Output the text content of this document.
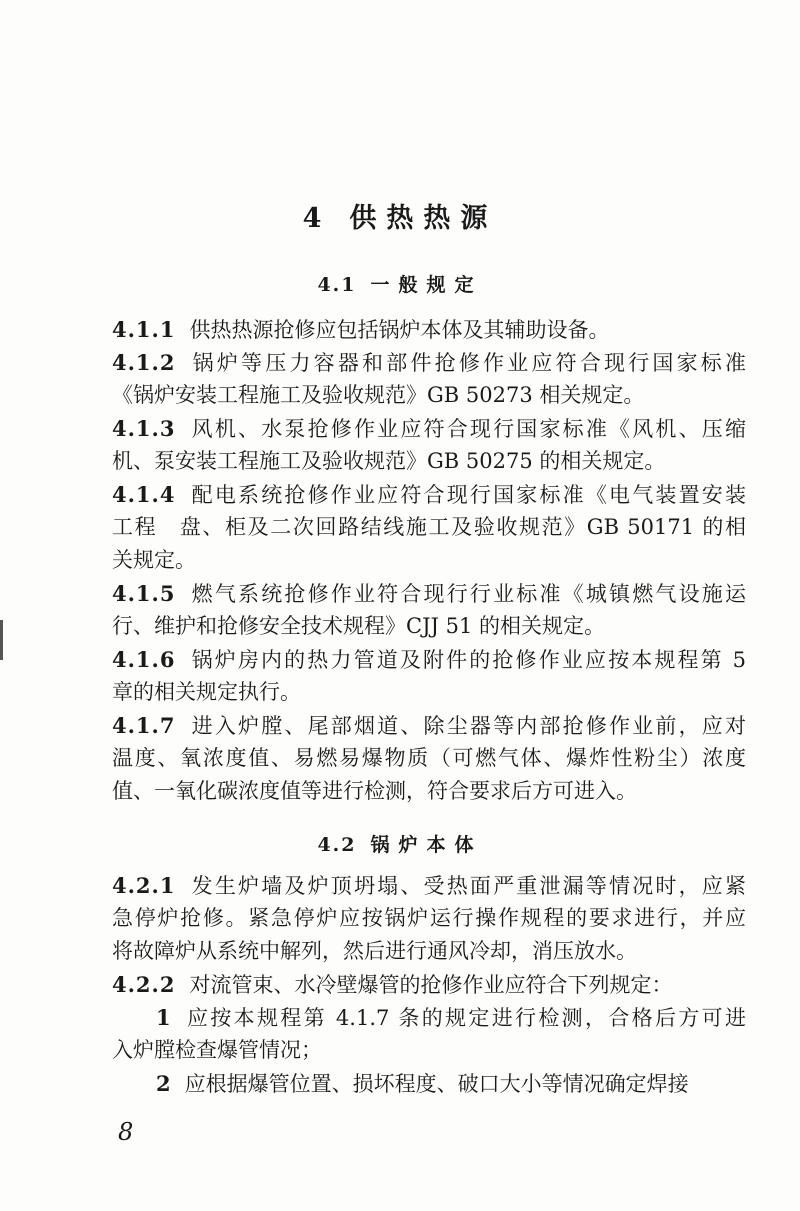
4 供热热源
4.1 一般规定
4.1.1 供热热源抢修应包括锅炉本体及其辅助设备。
4.1.2 锅炉等压力容器和部件抢修作业应符合现行国家标准
《锅炉安装工程施工及验收规范》GB 50273 相关规定。
4.1.3 风机、水泵抢修作业应符合现行国家标准《风机、压缩
机、泵安装工程施工及验收规范》GB 50275 的相关规定。
4.1.4 配电系统抢修作业应符合现行国家标准《电气装置安装
工程　盘、柜及二次回路结线施工及验收规范》GB 50171 的相
关规定。
4.1.5 燃气系统抢修作业符合现行行业标准《城镇燃气设施运
行、维护和抢修安全技术规程》CJJ 51 的相关规定。
4.1.6 锅炉房内的热力管道及附件的抢修作业应按本规程第 5
章的相关规定执行。
4.1.7 进入炉膛、尾部烟道、除尘器等内部抢修作业前，应对
温度、氧浓度值、易燃易爆物质（可燃气体、爆炸性粉尘）浓度
值、一氧化碳浓度值等进行检测，符合要求后方可进入。
4.2 锅炉本体
4.2.1 发生炉墙及炉顶坍塌、受热面严重泄漏等情况时，应紧
急停炉抢修。紧急停炉应按锅炉运行操作规程的要求进行，并应
将故障炉从系统中解列，然后进行通风冷却，消压放水。
4.2.2 对流管束、水冷壁爆管的抢修作业应符合下列规定：
1 应按本规程第 4.1.7 条的规定进行检测，合格后方可进
入炉膛检查爆管情况；
2 应根据爆管位置、损坏程度、破口大小等情况确定焊接
8
